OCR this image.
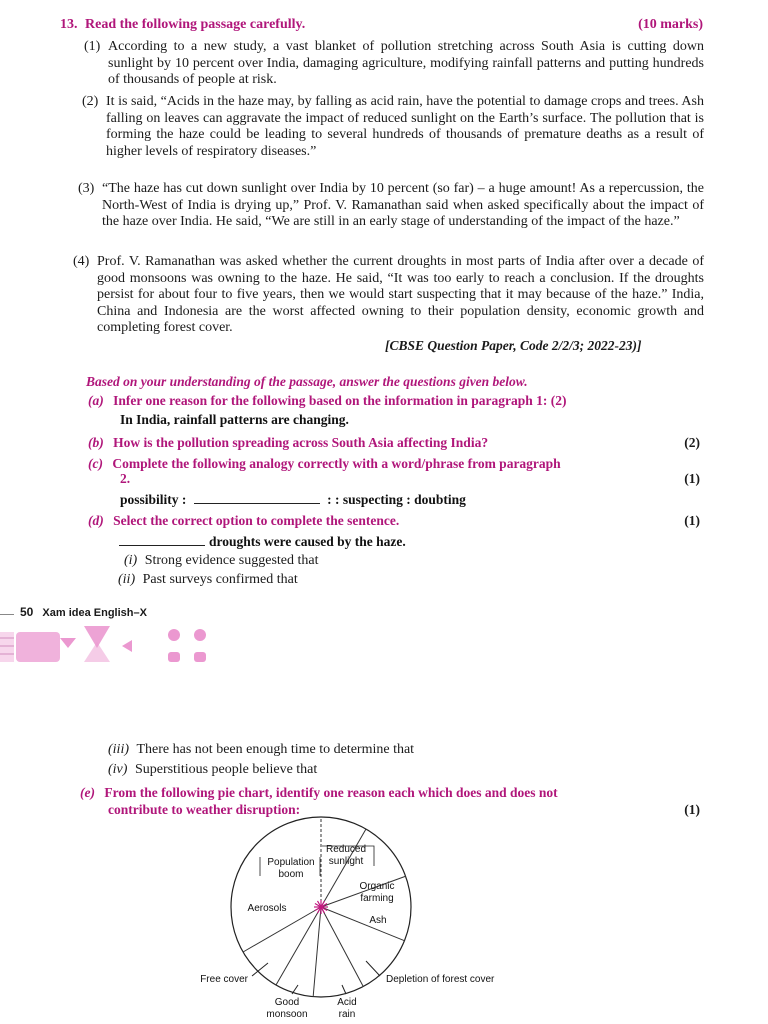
13. Read the following passage carefully.	(10 marks)

(1) According to a new study, a vast blanket of pollution stretching across South Asia is cutting down sunlight by 10 percent over India, damaging agriculture, modifying rainfall patterns and putting hundreds of thousands of people at risk.

(2) It is said, “Acids in the haze may, by falling as acid rain, have the potential to damage crops and trees. Ash falling on leaves can aggravate the impact of reduced sunlight on the Earth’s surface. The pollution that is forming the haze could be leading to several hundreds of thousands of premature deaths as a result of higher levels of respiratory diseases.”

(3) “The haze has cut down sunlight over India by 10 percent (so far) – a huge amount! As a repercussion, the North-West of India is drying up,” Prof. V. Ramanathan said when asked specifically about the impact of the haze over India. He said, “We are still in an early stage of understanding of the impact of the haze.”

(4) Prof. V. Ramanathan was asked whether the current droughts in most parts of India after over a decade of good monsoons was owning to the haze. He said, “It was too early to reach a conclusion. If the droughts persist for about four to five years, then we would start suspecting that it may because of the haze.” India, China and Indonesia are the worst affected owning to their population density, economic growth and completing forest cover.

[CBSE Question Paper, Code 2/2/3; 2022-23)]
Based on your understanding of the passage, answer the questions given below.
(a) Infer one reason for the following based on the information in paragraph 1: (2)
In India, rainfall patterns are changing.
(b) How is the pollution spreading across South Asia affecting India?	(2)
(c) Complete the following analogy correctly with a word/phrase from paragraph
2.	(1)
possibility :	: : suspecting : doubting
(d) Select the correct option to complete the sentence.	(1)
droughts were caused by the haze.
(i) Strong evidence suggested that
(ii) Past surveys confirmed that
50 Xam idea English–X
(iii) There has not been enough time to determine that
(iv) Superstitious people believe that
(e) From the following pie chart, identify one reason each which does and does not
contribute to weather disruption:	(1)
Reduced sunlight
Organic farming
Ash
Depletion of forest cover
Acid rain
Good monsoon
Free cover
Aerosols
Population boom
